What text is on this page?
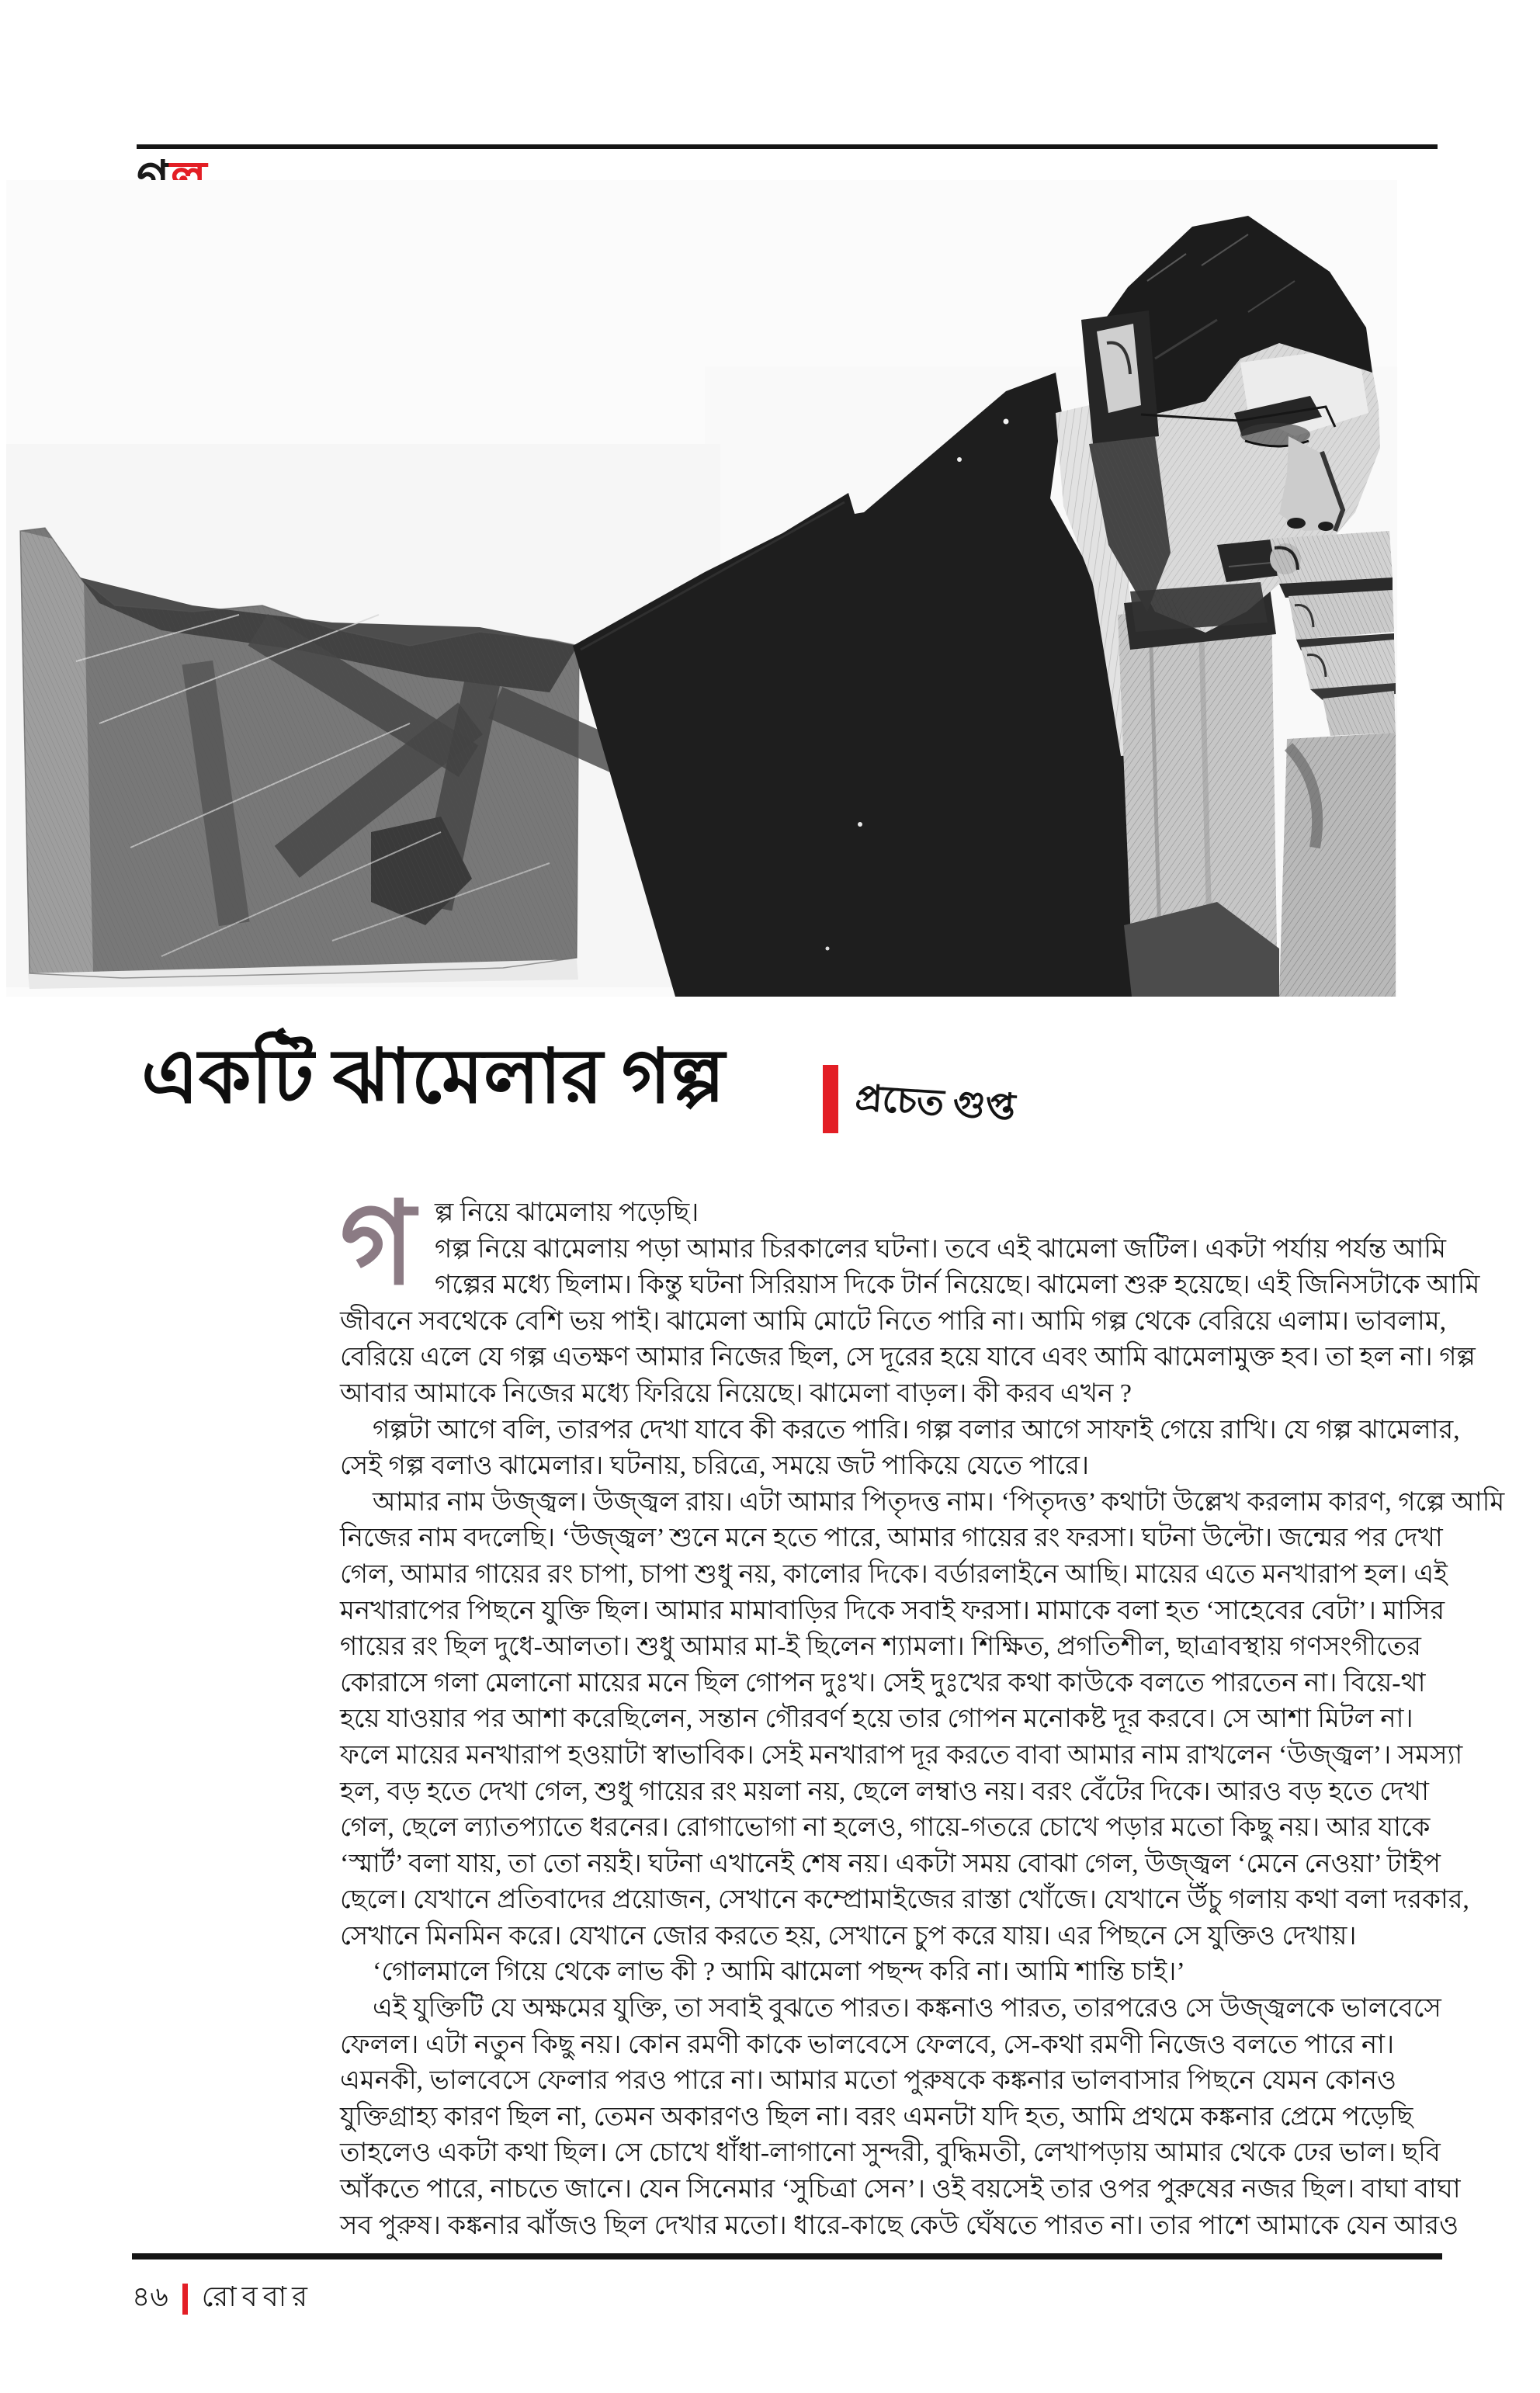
একটি ঝামেলার গল্প	প্রচেত গুপ্ত
গ ল্প নিয়ে ঝামেলায় পড়েছি।
গল্প নিয়ে ঝামেলায় পড়া আমার চিরকালের ঘটনা। তবে এই ঝামেলা জটিল। একটা পর্যায় পর্যন্ত আমি
গল্পের মধ্যে ছিলাম। কিন্তু ঘটনা সিরিয়াস দিকে টার্ন নিয়েছে। ঝামেলা শুরু হয়েছে। এই জিনিসটাকে আমি
জীবনে সবথেকে বেশি ভয় পাই। ঝামেলা আমি মোটে নিতে পারি না। আমি গল্প থেকে বেরিয়ে এলাম। ভাবলাম,
বেরিয়ে এলে যে গল্প এতক্ষণ আমার নিজের ছিল, সে দূরের হয়ে যাবে এবং আমি ঝামেলামুক্ত হব। তা হল না। গল্প
আবার আমাকে নিজের মধ্যে ফিরিয়ে নিয়েছে। ঝামেলা বাড়ল। কী করব এখন ?
গল্পটা আগে বলি, তারপর দেখা যাবে কী করতে পারি। গল্প বলার আগে সাফাই গেয়ে রাখি। যে গল্প ঝামেলার,
সেই গল্প বলাও ঝামেলার। ঘটনায়, চরিত্রে, সময়ে জট পাকিয়ে যেতে পারে।
আমার নাম উজ্জ্বল। উজ্জ্বল রায়। এটা আমার পিতৃদত্ত নাম। ‘পিতৃদত্ত’ কথাটা উল্লেখ করলাম কারণ, গল্পে আমি
নিজের নাম বদলেছি। ‘উজ্জ্বল’ শুনে মনে হতে পারে, আমার গায়ের রং ফরসা। ঘটনা উল্টো। জন্মের পর দেখা
গেল, আমার গায়ের রং চাপা, চাপা শুধু নয়, কালোর দিকে। বর্ডারলাইনে আছি। মায়ের এতে মনখারাপ হল। এই
মনখারাপের পিছনে যুক্তি ছিল। আমার মামাবাড়ির দিকে সবাই ফরসা। মামাকে বলা হত ‘সাহেবের বেটা’। মাসির
গায়ের রং ছিল দুধে-আলতা। শুধু আমার মা-ই ছিলেন শ্যামলা। শিক্ষিত, প্রগতিশীল, ছাত্রাবস্থায় গণসংগীতের
কোরাসে গলা মেলানো মায়ের মনে ছিল গোপন দুঃখ। সেই দুঃখের কথা কাউকে বলতে পারতেন না। বিয়ে-থা
হয়ে যাওয়ার পর আশা করেছিলেন, সন্তান গৌরবর্ণ হয়ে তার গোপন মনোকষ্ট দূর করবে। সে আশা মিটল না।
ফলে মায়ের মনখারাপ হওয়াটা স্বাভাবিক। সেই মনখারাপ দূর করতে বাবা আমার নাম রাখলেন ‘উজ্জ্বল’। সমস্যা
হল, বড় হতে দেখা গেল, শুধু গায়ের রং ময়লা নয়, ছেলে লম্বাও নয়। বরং বেঁটের দিকে। আরও বড় হতে দেখা
গেল, ছেলে ল্যাতপ্যাতে ধরনের। রোগাভোগা না হলেও, গায়ে-গতরে চোখে পড়ার মতো কিছু নয়। আর যাকে
‘স্মার্ট’ বলা যায়, তা তো নয়ই। ঘটনা এখানেই শেষ নয়। একটা সময় বোঝা গেল, উজ্জ্বল ‘মেনে নেওয়া’ টাইপ
ছেলে। যেখানে প্রতিবাদের প্রয়োজন, সেখানে কম্প্রোমাইজের রাস্তা খোঁজে। যেখানে উঁচু গলায় কথা বলা দরকার,
সেখানে মিনমিন করে। যেখানে জোর করতে হয়, সেখানে চুপ করে যায়। এর পিছনে সে যুক্তিও দেখায়।
‘গোলমালে গিয়ে থেকে লাভ কী ? আমি ঝামেলা পছন্দ করি না। আমি শান্তি চাই।’
এই যুক্তিটি যে অক্ষমের যুক্তি, তা সবাই বুঝতে পারত। কঙ্কনাও পারত, তারপরেও সে উজ্জ্বলকে ভালবেসে
ফেলল। এটা নতুন কিছু নয়। কোন রমণী কাকে ভালবেসে ফেলবে, সে-কথা রমণী নিজেও বলতে পারে না।
এমনকী, ভালবেসে ফেলার পরও পারে না। আমার মতো পুরুষকে কঙ্কনার ভালবাসার পিছনে যেমন কোনও
যুক্তিগ্রাহ্য কারণ ছিল না, তেমন অকারণও ছিল না। বরং এমনটা যদি হত, আমি প্রথমে কঙ্কনার প্রেমে পড়েছি
তাহলেও একটা কথা ছিল। সে চোখে ধাঁধা-লাগানো সুন্দরী, বুদ্ধিমতী, লেখাপড়ায় আমার থেকে ঢের ভাল। ছবি
আঁকতে পারে, নাচতে জানে। যেন সিনেমার ‘সুচিত্রা সেন’। ওই বয়সেই তার ওপর পুরুষের নজর ছিল। বাঘা বাঘা
সব পুরুষ। কঙ্কনার ঝাঁজও ছিল দেখার মতো। ধারে-কাছে কেউ ঘেঁষতে পারত না। তার পাশে আমাকে যেন আরও
৪৬ রোববার
